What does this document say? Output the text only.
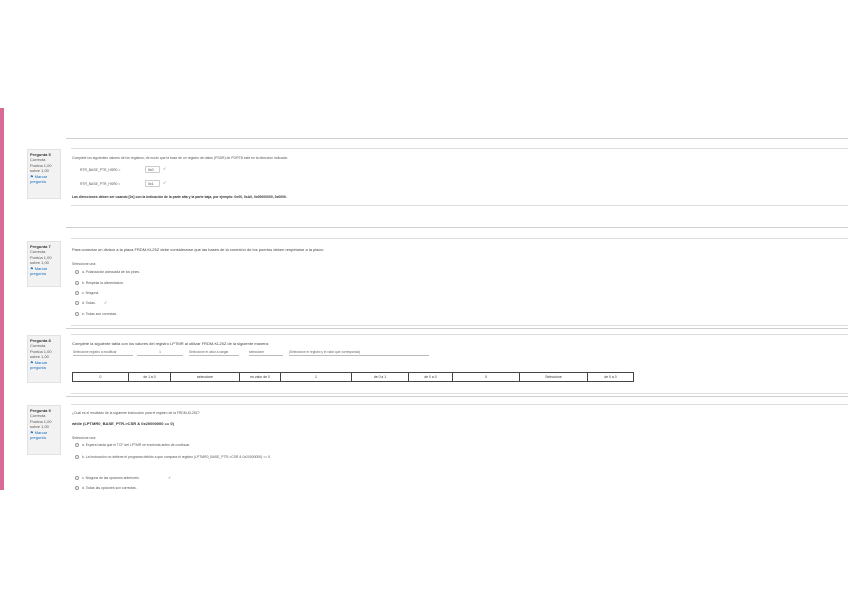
Pregunta 5
Correcta
Puntúa 1,00 sobre 1,00
⚑ Marcar pregunta
Complete los siguientes valores de los registros, de modo que la base de un registro de datos (PSDR) de PORTB esté en la dirección indicada:
RTR_BASE_PTR_HSR0 =	0x0	✓
RTR_BASE_PTR_HSR0 =	0x1	✓
Las direcciones deben ser usando [0x] con la indicación de la parte alta y la parte baja, por ejemplo: 0x00, 0xA0, 0x00000000, 0x0000.
Pregunta 7
Correcta
Puntúa 1,00 sobre 1,00
⚑ Marcar pregunta
Para conectar un divisor a la placa FRDM-KL25Z debe considerarse que las bases de la conexión de los puertos deben respetarse a la placa:
Seleccione una:
a. Polarización adecuada de los pines.
b. Respetar la alimentación.
c. Ninguna.
d. Todas. ✓
e. Todas son correctas.
Pregunta 8
Correcta
Puntúa 1,00 sobre 1,00
⚑ Marcar pregunta
Complete la siguiente tabla con los valores del registro LPTMR al utilizar FRDM-KL25Z de la siguiente manera:
Seleccione registro a modificar	1	Seleccione el valor a cargar	seleccione	(Seleccione el registro y el valor que corresponda)
0	de 1 a 0	seleccione	en valor de 0	1	de 0 a 1	de 0 a 0	0	Seleccione	de 0 a 0
Pregunta 9
Correcta
Puntúa 1,00 sobre 1,00
⚑ Marcar pregunta
¿Cuál es el resultado de la siguiente instrucción para el registro de la FRDM-KL25Z?
while (LPTMR0_BASE_PTR->CSR & 0x20000000 == 0)
Seleccione una:
a. Espera hasta que el TCF del LPTMR se encienda antes de continuar.
b. La instrucción no detiene el programa debido a que compara el registro (LPTMR0_BASE_PTR->CSR & 0x20000000) == 0.
c. Ninguna de las opciones anteriores.	✓
d. Todas las opciones son correctas.
